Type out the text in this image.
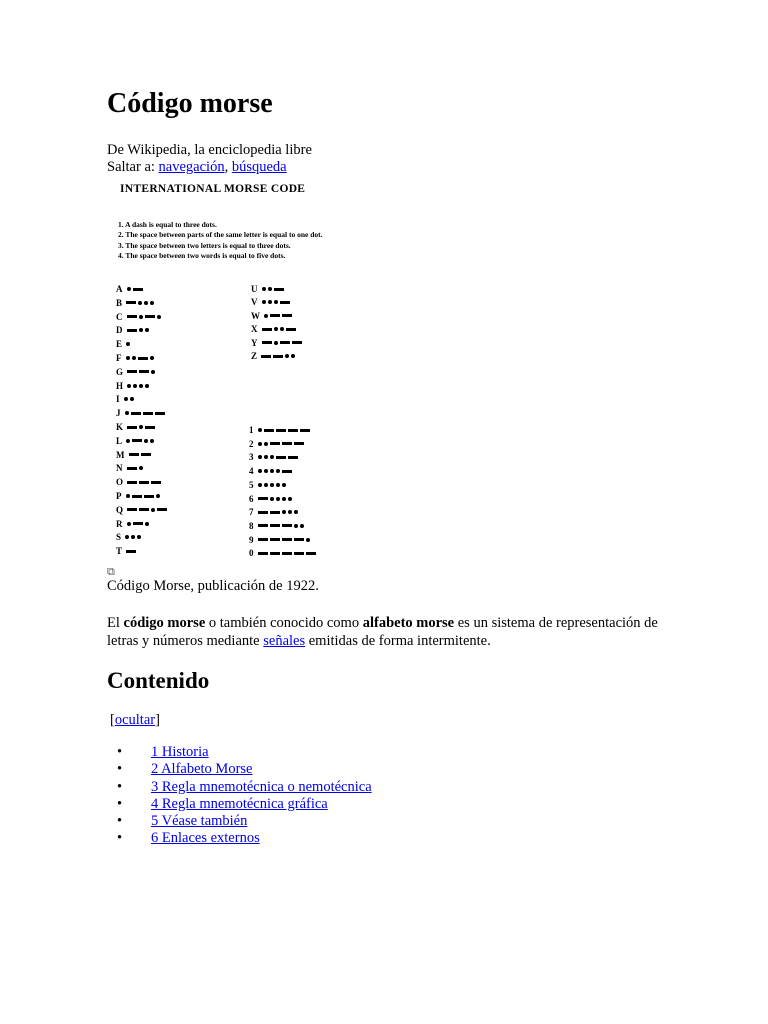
Código morse
De Wikipedia, la enciclopedia libre
Saltar a: navegación, búsqueda
INTERNATIONAL MORSE CODE
1. A dash is equal to three dots.
2. The space between parts of the same letter is equal to one dot.
3. The space between two letters is equal to three dots.
4. The space between two words is equal to five dots.
A
B
C
D
E
F
G
H
I
J
K
L
M
N
O
P
Q
R
S
T
U
V
W
X
Y
Z
1
2
3
4
5
6
7
8
9
0
⧉
Código Morse, publicación de 1922.
El código morse o también conocido como alfabeto morse es un sistema de representación de letras y números mediante señales emitidas de forma intermitente.
Contenido
[ocultar]
• 1 Historia
• 2 Alfabeto Morse
• 3 Regla mnemotécnica o nemotécnica
• 4 Regla mnemotécnica gráfica
• 5 Véase también
• 6 Enlaces externos
